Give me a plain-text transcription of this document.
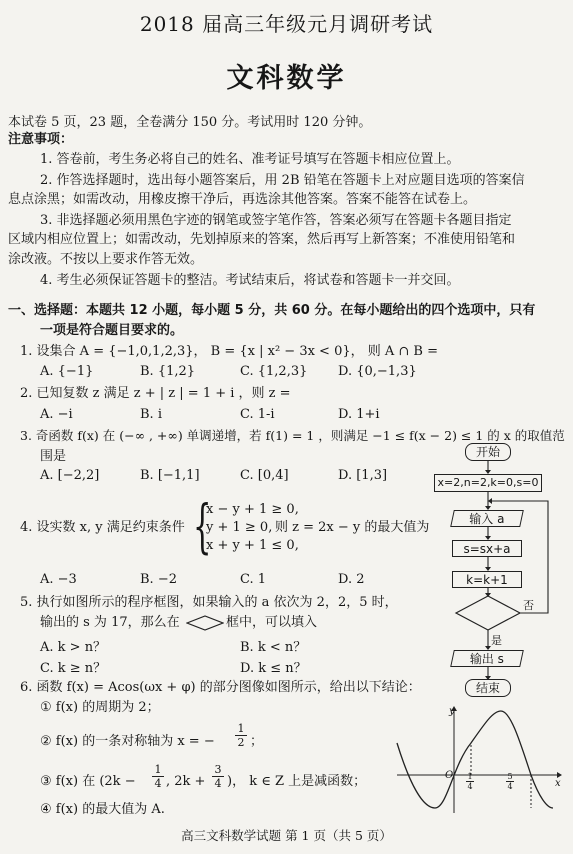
2018 届高三年级元月调研考试
文科数学
本试卷 5 页，23 题，全卷满分 150 分。考试用时 120 分钟。
注意事项：
1. 答卷前，考生务必将自己的姓名、准考证号填写在答题卡相应位置上。
2. 作答选择题时，选出每小题答案后，用 2B 铅笔在答题卡上对应题目选项的答案信
息点涂黑；如需改动，用橡皮擦干净后，再选涂其他答案。答案不能答在试卷上。
3. 非选择题必须用黑色字迹的钢笔或签字笔作答，答案必须写在答题卡各题目指定
区域内相应位置上；如需改动，先划掉原来的答案，然后再写上新答案；不准使用铅笔和
涂改液。不按以上要求作答无效。
4. 考生必须保证答题卡的整洁。考试结束后，将试卷和答题卡一并交回。
一、选择题：本题共 12 小题，每小题 5 分，共 60 分。在每小题给出的四个选项中，只有
一项是符合题目要求的。
1. 设集合 A = {−1,0,1,2,3}， B = {x | x² − 3x < 0}， 则 A ∩ B =
A. {−1}	B. {1,2}	C. {1,2,3} D. {0,−1,3}
2. 已知复数 z 满足 z + | z | = 1 + i ，则 z =
A. −i	B. i	C. 1-i	D. 1+i
3. 奇函数 f(x) 在 (−∞ , +∞) 单调递增，若 f(1) = 1 ，则满足 −1 ≤ f(x − 2) ≤ 1 的 x 的取值范
围是
A. [−2,2]	B. [−1,1]	C. [0,4]	D. [1,3]
4. 设实数 x, y 满足约束条件 {
x − y + 1 ≥ 0,
y + 1 ≥ 0,
x + y + 1 ≤ 0,
则 z = 2x − y 的最大值为
A. −3	B. −2	C. 1	D. 2
5. 执行如图所示的程序框图，如果输入的 a 依次为 2，2，5 时，
输出的 s 为 17，那么在	框中，可以填入
A. k > n？	B. k < n？
C. k ≥ n？	D. k ≤ n？
6. 函数 f(x) = Acos(ωx + φ) 的部分图像如图所示，给出以下结论：
① f(x) 的周期为 2；
② f(x) 的一条对称轴为 x = − $\frac{1}{2}$ ；
③ f(x) 在 ($2k - \frac{1}{4}$ , $2k + \frac{3}{4}$ )， k ∈ Z 上是减函数；
④ f(x) 的最大值为 A.
开始
x=2,n=2,k=0,s=0
输入 a
s=sx+a
k=k+1
否
是
输出 s
结束
y
x
O $\frac{1}{4}$	$\frac{5}{4}$
高三文科数学试题 第 1 页（共 5 页）
